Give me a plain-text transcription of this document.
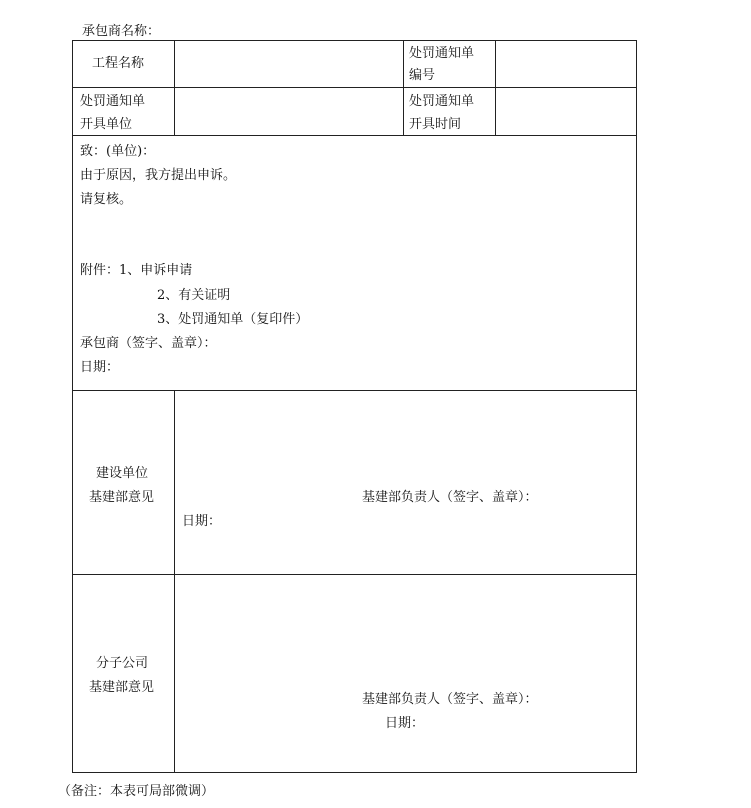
承包商名称：
工程名称
处罚通知单
编号
处罚通知单
开具单位
处罚通知单
开具时间
致：(单位)：
由于原因，我方提出申诉。
请复核。
附件：1、申诉申请
2、有关证明
3、处罚通知单（复印件）
承包商（签字、盖章）：
日期：
建设单位
基建部意见	基建部负责人（签字、盖章）：
日期：
分子公司
基建部意见
基建部负责人（签字、盖章）：
日期：
（备注：本表可局部微调）
